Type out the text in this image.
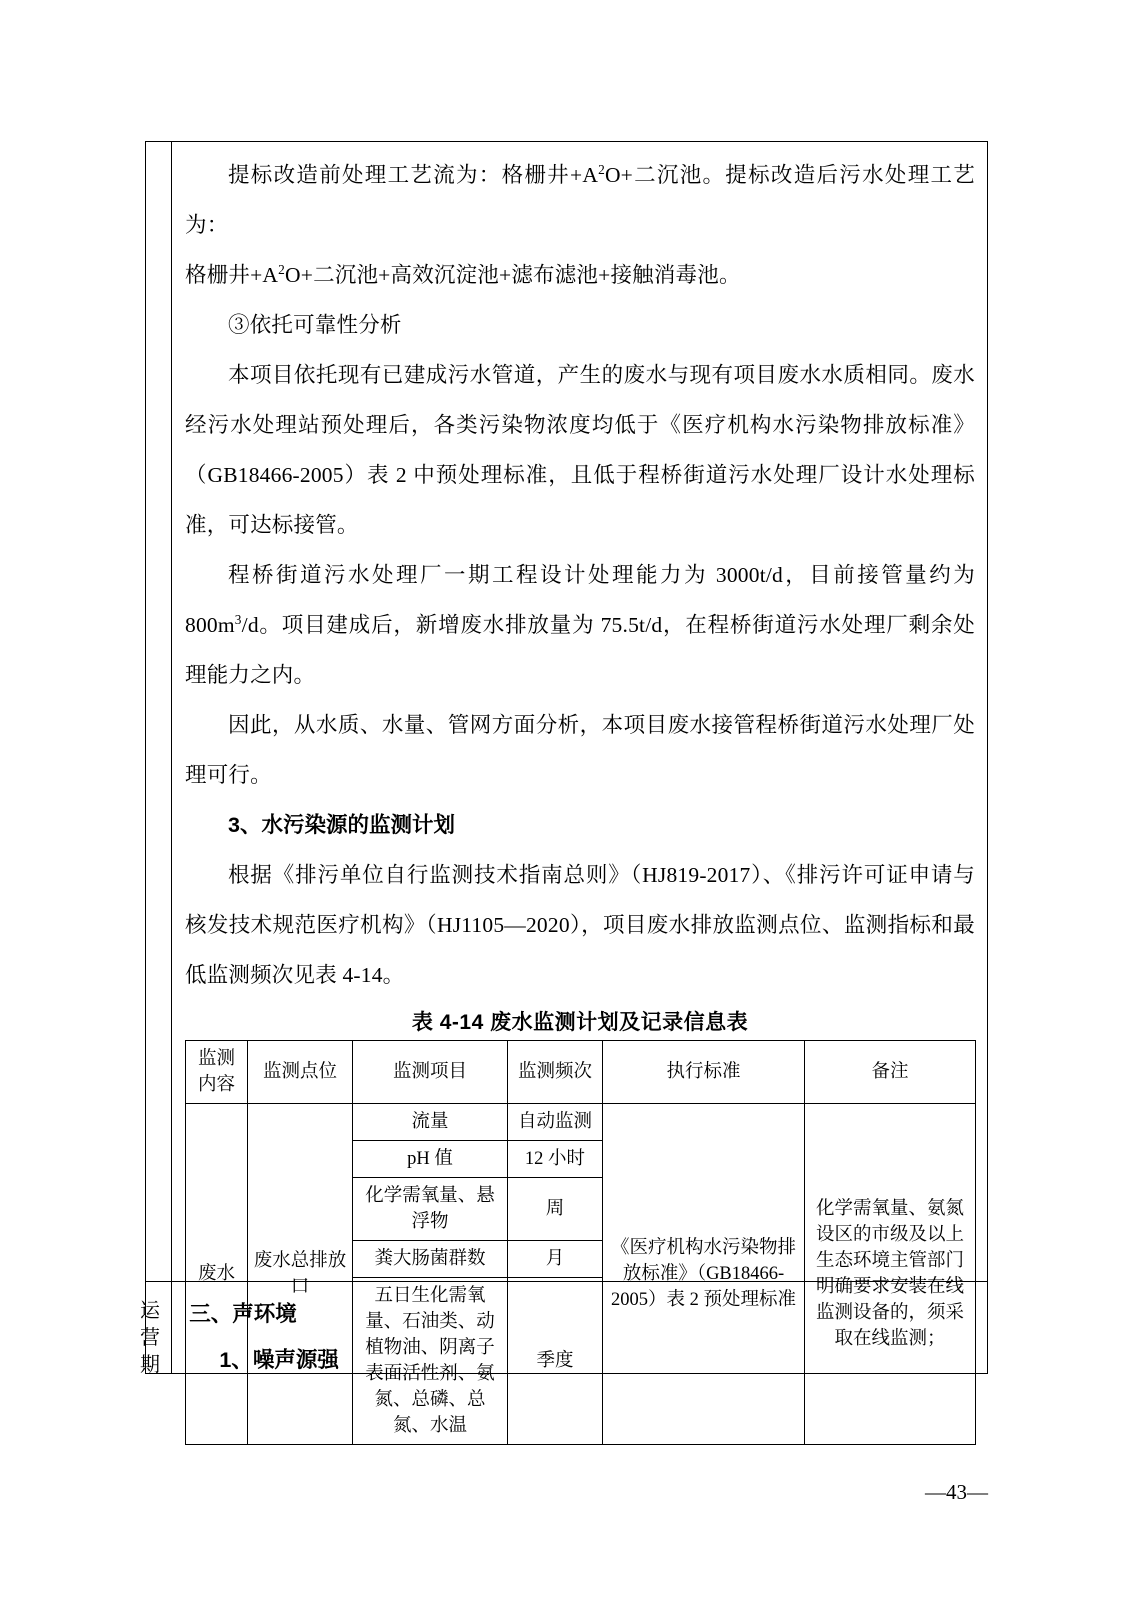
提标改造前处理工艺流为：格栅井$+A^2O+$二沉池。提标改造后污水处理工艺为：

格栅井$+A^2O+$二沉池+高效沉淀池+滤布滤池+接触消毒池。

③依托可靠性分析

本项目依托现有已建成污水管道，产生的废水与现有项目废水水质相同。废水经污水处理站预处理后，各类污染物浓度均低于《医疗机构水污染物排放标准》（GB18466-2005）表 2 中预处理标准，且低于程桥街道污水处理厂设计水处理标准，可达标接管。

程桥街道污水处理厂一期工程设计处理能力为 3000t/d，目前接管量约为 $800m^3/d$。项目建成后，新增废水排放量为 75.5t/d，在程桥街道污水处理厂剩余处理能力之内。

因此，从水质、水量、管网方面分析，本项目废水接管程桥街道污水处理厂处理可行。

3、水污染源的监测计划

根据《排污单位自行监测技术指南总则》（HJ819-2017）、《排污许可证申请与核发技术规范医疗机构》（HJ1105—2020），项目废水排放监测点位、监测指标和最低监测频次见表 4-14。

表 4-14 废水监测计划及记录信息表
监测内容	监测点位	监测项目	监测频次	执行标准	备注
废水	废水总排放口	流量	自动监测	《医疗机构水污染物排放标准》（GB18466-2005）表 2 预处理标准	化学需氧量、氨氮设区的市级及以上生态环境主管部门明确要求安装在线监测设备的，须采取在线监测；
		pH 值	12 小时		
		化学需氧量、悬浮物	周		
		粪大肠菌群数	月		
		五日生化需氧量、石油类、动植物油、阴离子表面活性剂、氨氮、总磷、总氮、水温	季度		
运营期

三、声环境

1、噪声源强

—43—
